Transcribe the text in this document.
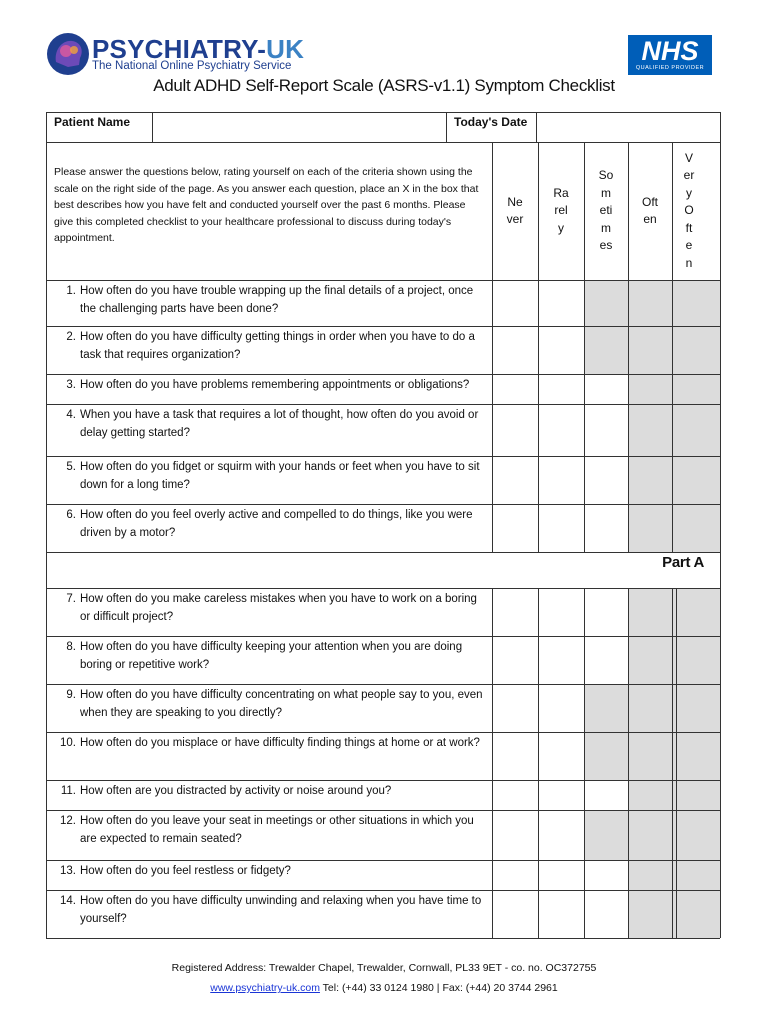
PSYCHIATRY-UK
The National Online Psychiatry Service	NHS
QUALIFIED PROVIDER
Adult ADHD Self-Report Scale (ASRS-v1.1) Symptom Checklist
Patient Name	Today's Date
Please answer the questions below, rating yourself on each of the criteria shown using the scale on the right side of the page. As you answer each question, place an X in the box that best describes how you have felt and conducted yourself over the past 6 months. Please give this completed checklist to your healthcare professional to discuss during today's appointment.
Ne
ver
Ra
rel
y
So
m
eti
m
es
Oft
en
V
er
y
O
ft
e
n
1. How often do you have trouble wrapping up the final details of a project, once the challenging parts have been done?
2. How often do you have difficulty getting things in order when you have to do a task that requires organization?
3. How often do you have problems remembering appointments or obligations?
4. When you have a task that requires a lot of thought, how often do you avoid or delay getting started?
5. How often do you fidget or squirm with your hands or feet when you have to sit down for a long time?
6. How often do you feel overly active and compelled to do things, like you were driven by a motor?
7. How often do you make careless mistakes when you have to work on a boring or difficult project?
8. How often do you have difficulty keeping your attention when you are doing boring or repetitive work?
9. How often do you have difficulty concentrating on what people say to you, even when they are speaking to you directly?
10. How often do you misplace or have difficulty finding things at home or at work?
11. How often are you distracted by activity or noise around you?
12. How often do you leave your seat in meetings or other situations in which you are expected to remain seated?
13. How often do you feel restless or fidgety?
14. How often do you have difficulty unwinding and relaxing when you have time to yourself?
Part A
Registered Address: Trewalder Chapel, Trewalder, Cornwall, PL33 9ET - co. no. OC372755
www.psychiatry-uk.com Tel: (+44) 33 0124 1980 | Fax: (+44) 20 3744 2961
